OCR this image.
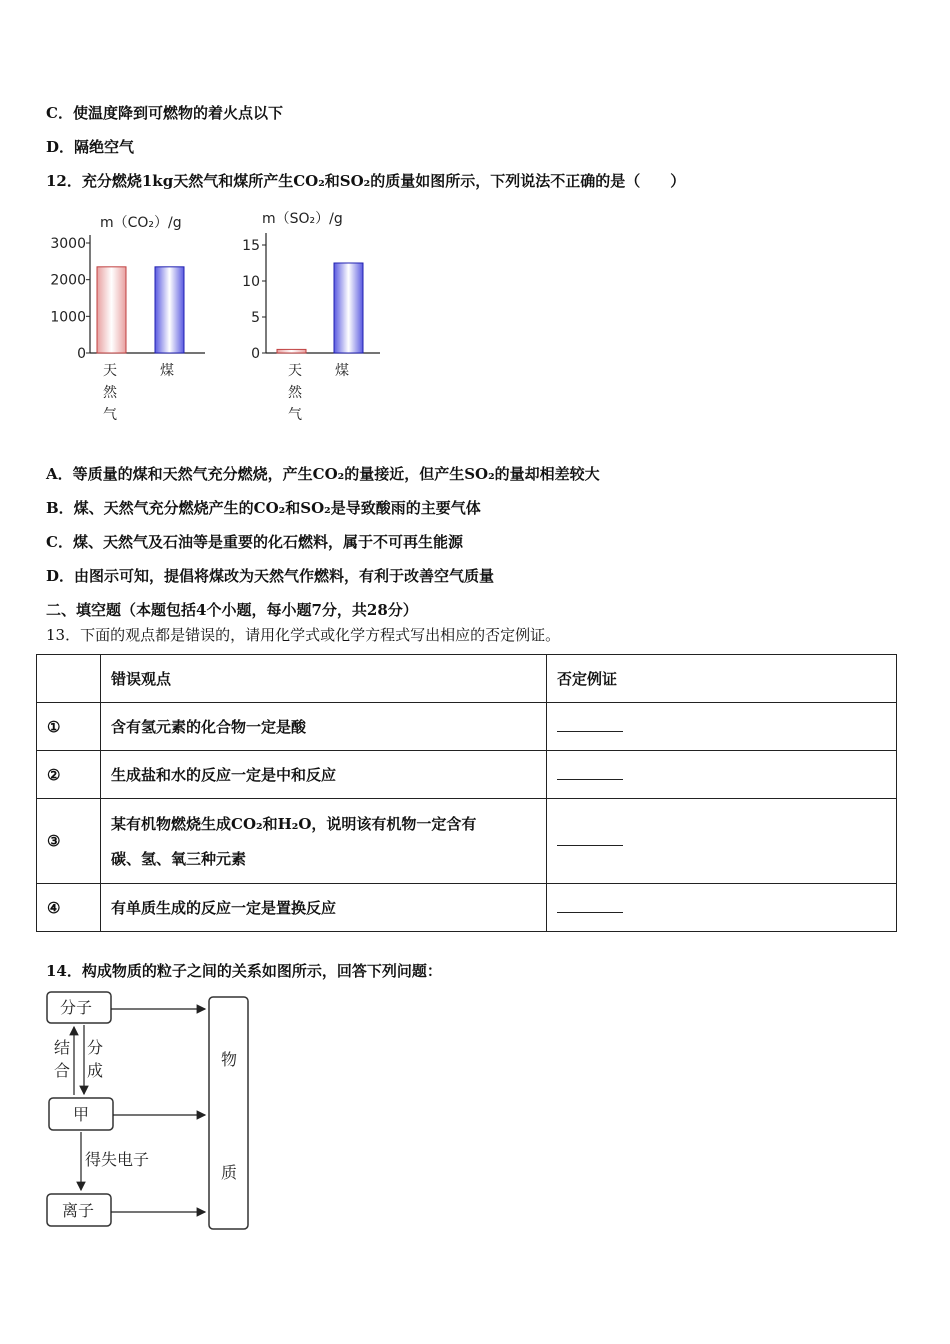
C．使温度降到可燃物的着火点以下
D．隔绝空气
12．充分燃烧1kg天然气和煤所产生CO₂和SO₂的质量如图所示，下列说法不正确的是（　　）
m（CO₂）/g
0
1000
2000
3000
天
然
气
煤
m（SO₂）/g
0
5
10
15
天
然
气
煤
A．等质量的煤和天然气充分燃烧，产生CO₂的量接近，但产生SO₂的量却相差较大
B．煤、天然气充分燃烧产生的CO₂和SO₂是导致酸雨的主要气体
C．煤、天然气及石油等是重要的化石燃料，属于不可再生能源
D．由图示可知，提倡将煤改为天然气作燃料，有利于改善空气质量
二、填空题（本题包括4个小题，每小题7分，共28分）
13．下面的观点都是错误的，请用化学式或化学方程式写出相应的否定例证。
	错误观点	否定例证
①	含有氢元素的化合物一定是酸	
②	生成盐和水的反应一定是中和反应	
③	某有机物燃烧生成CO₂和H₂O，说明该有机物一定含有
碳、氢、氧三种元素	

④	有单质生成的反应一定是置换反应	
14．构成物质的粒子之间的关系如图所示，回答下列问题：
分子
甲
离子
物
质
结
合
分
成
得失电子
